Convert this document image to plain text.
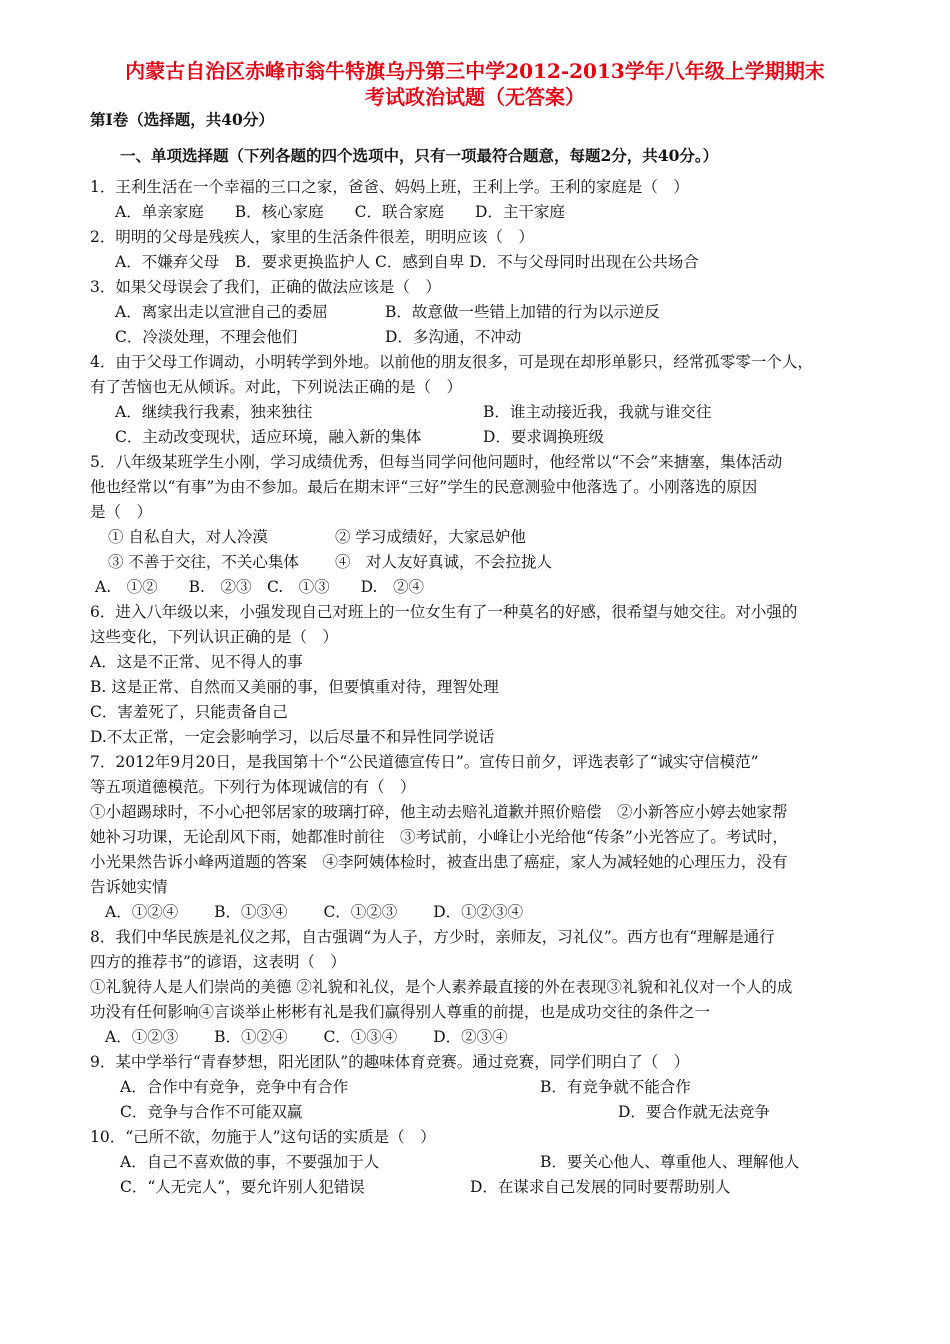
内蒙古自治区赤峰市翁牛特旗乌丹第三中学2012-2013学年八年级上学期期末
考试政治试题（无答案）
第Ⅰ卷（选择题，共40分）
一、单项选择题（下列各题的四个选项中，只有一项最符合题意，每题2分，共40分。）
1．王利生活在一个幸福的三口之家，爸爸、妈妈上班，王利上学。王利的家庭是（　）
A．单亲家庭　　B．核心家庭　　C．联合家庭　　D．主干家庭
2．明明的父母是残疾人，家里的生活条件很差，明明应该（　）
A．不嫌弃父母　B．要求更换监护人 C．感到自卑 D．不与父母同时出现在公共场合
3．如果父母误会了我们，正确的做法应该是（　）
A．离家出走以宣泄自己的委屈	B．故意做一些错上加错的行为以示逆反
C．冷淡处理，不理会他们	D．多沟通，不冲动
4．由于父母工作调动，小明转学到外地。以前他的朋友很多，可是现在却形单影只，经常孤零零一个人，
有了苦恼也无从倾诉。对此，下列说法正确的是（　）
A．继续我行我素，独来独往	B．谁主动接近我，我就与谁交往
C．主动改变现状，适应环境，融入新的集体	D．要求调换班级
5．八年级某班学生小刚，学习成绩优秀，但每当同学问他问题时，他经常以“不会”来搪塞，集体活动
他也经常以“有事”为由不参加。最后在期末评“三好”学生的民意测验中他落选了。小刚落选的原因
是（　）
① 自私自大，对人冷漠	② 学习成绩好，大家忌妒他
③ 不善于交往，不关心集体 ④　对人友好真诚，不会拉拢人
A.　①②　　B.　②③　C.　①③　　D.　②④
6．进入八年级以来，小强发现自己对班上的一位女生有了一种莫名的好感，很希望与她交往。对小强的
这些变化，下列认识正确的是（　）
A．这是不正常、见不得人的事
B. 这是正常、自然而又美丽的事，但要慎重对待，理智处理
C．害羞死了，只能责备自己
D.不太正常，一定会影响学习，以后尽量不和异性同学说话
7．2012年9月20日，是我国第十个“公民道德宣传日”。宣传日前夕，评选表彰了“诚实守信模范”
等五项道德模范。下列行为体现诚信的有（　）
①小超踢球时，不小心把邻居家的玻璃打碎，他主动去赔礼道歉并照价赔偿　②小新答应小婷去她家帮
她补习功课，无论刮风下雨，她都准时前往　③考试前，小峰让小光给他“传条”小光答应了。考试时，
小光果然告诉小峰两道题的答案　④李阿姨体检时，被查出患了癌症，家人为减轻她的心理压力，没有
告诉她实情
A．①②④　　 B．①③④　　 C．①②③　　 D．①②③④
8．我们中华民族是礼仪之邦，自古强调“为人子，方少时，亲师友，习礼仪”。西方也有“理解是通行
四方的推荐书”的谚语，这表明（　）
①礼貌待人是人们崇尚的美德 ②礼貌和礼仪，是个人素养最直接的外在表现③礼貌和礼仪对一个人的成
功没有任何影响④言谈举止彬彬有礼是我们赢得别人尊重的前提，也是成功交往的条件之一
A．①②③　　 B．①②④　　 C．①③④　　 D．②③④
9．某中学举行“青春梦想，阳光团队”的趣味体育竞赛。通过竞赛，同学们明白了（　）
A．合作中有竞争，竞争中有合作	B．有竞争就不能合作
C．竞争与合作不可能双赢	D．要合作就无法竞争
10．“己所不欲，勿施于人”这句话的实质是（　）
A．自己不喜欢做的事，不要强加于人	B．要关心他人、尊重他人、理解他人
C．“人无完人”，要允许别人犯错误	D．在谋求自己发展的同时要帮助别人
